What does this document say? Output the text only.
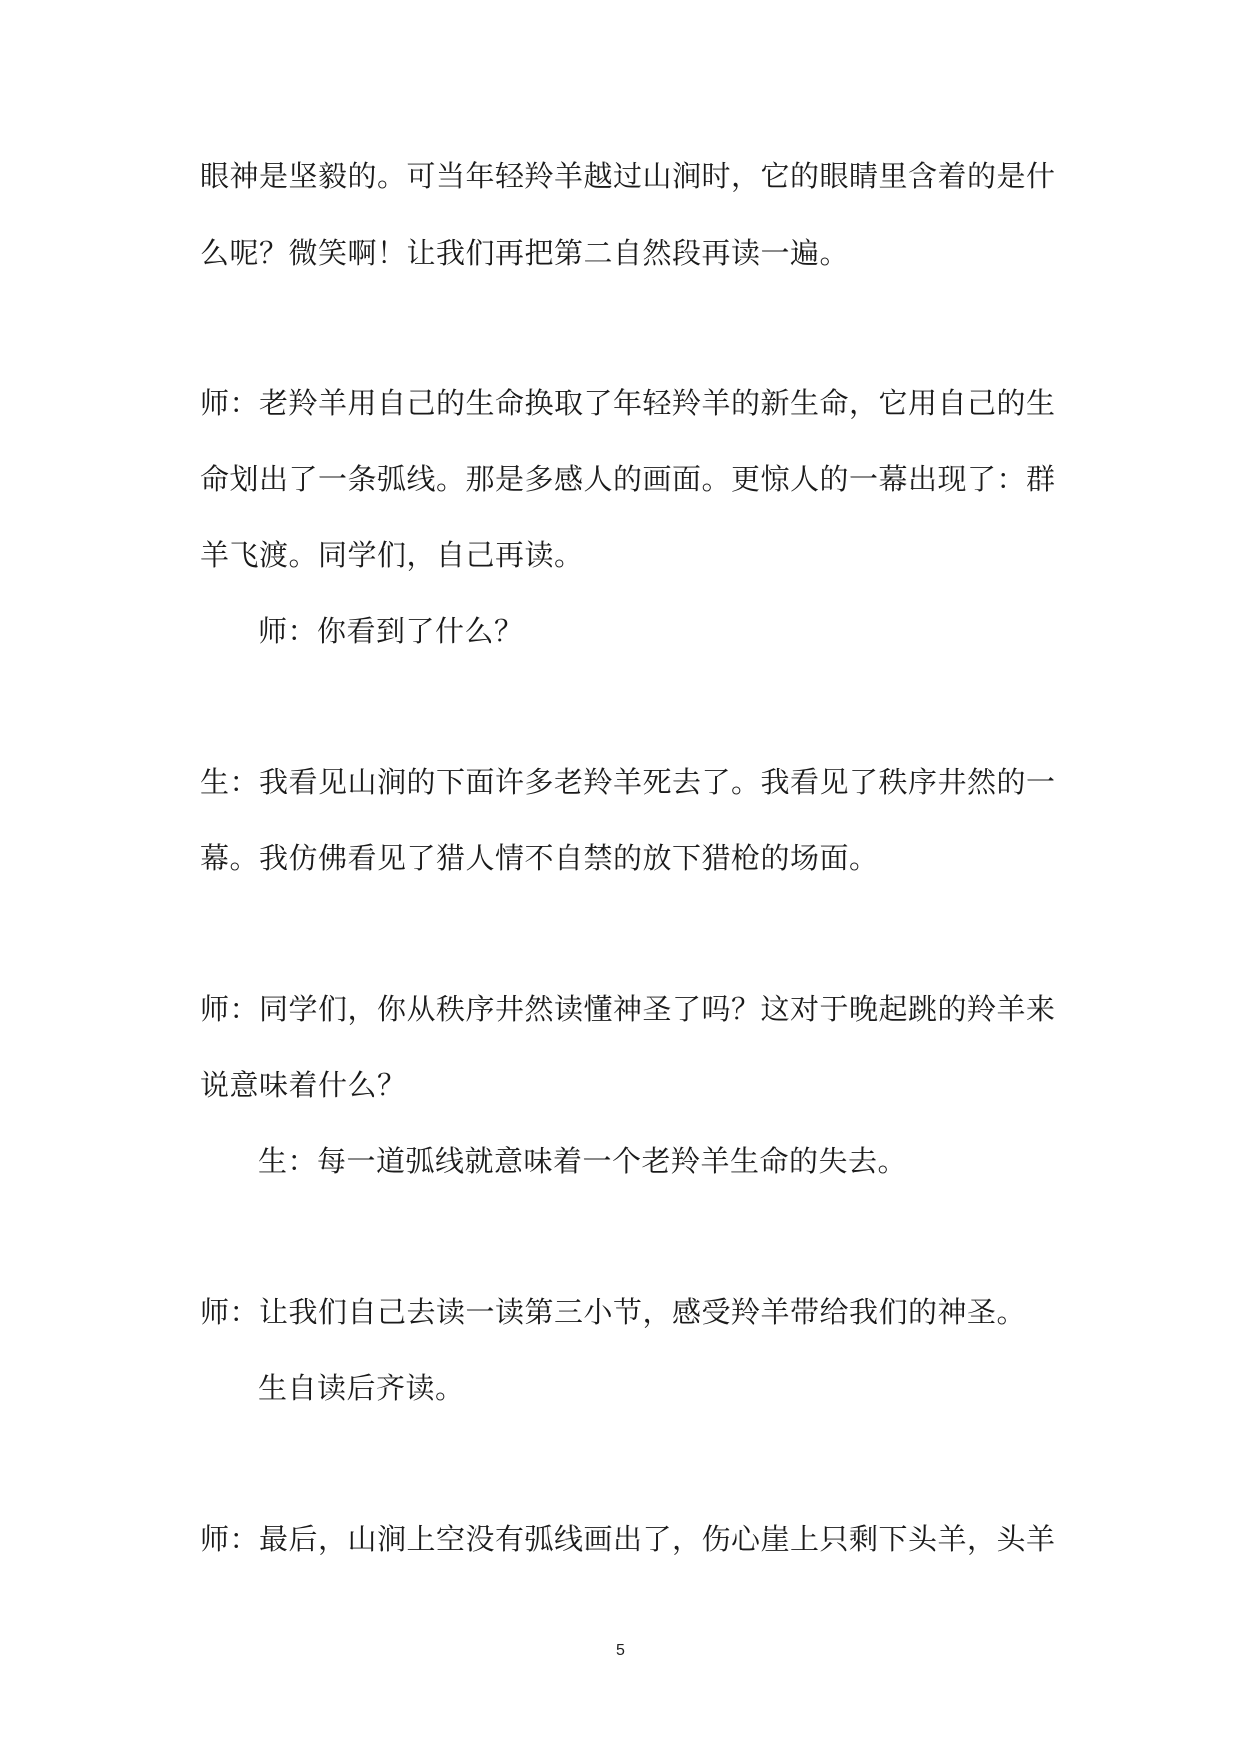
眼神是坚毅的。可当年轻羚羊越过山涧时，它的眼睛里含着的是什
么呢？微笑啊！让我们再把第二自然段再读一遍。
师：老羚羊用自己的生命换取了年轻羚羊的新生命，它用自己的生
命划出了一条弧线。那是多感人的画面。更惊人的一幕出现了：群
羊飞渡。同学们，自己再读。
师：你看到了什么？
生：我看见山涧的下面许多老羚羊死去了。我看见了秩序井然的一
幕。我仿佛看见了猎人情不自禁的放下猎枪的场面。
师：同学们，你从秩序井然读懂神圣了吗？这对于晚起跳的羚羊来
说意味着什么？
生：每一道弧线就意味着一个老羚羊生命的失去。
师：让我们自己去读一读第三小节，感受羚羊带给我们的神圣。
生自读后齐读。
师：最后，山涧上空没有弧线画出了，伤心崖上只剩下头羊，头羊
5
